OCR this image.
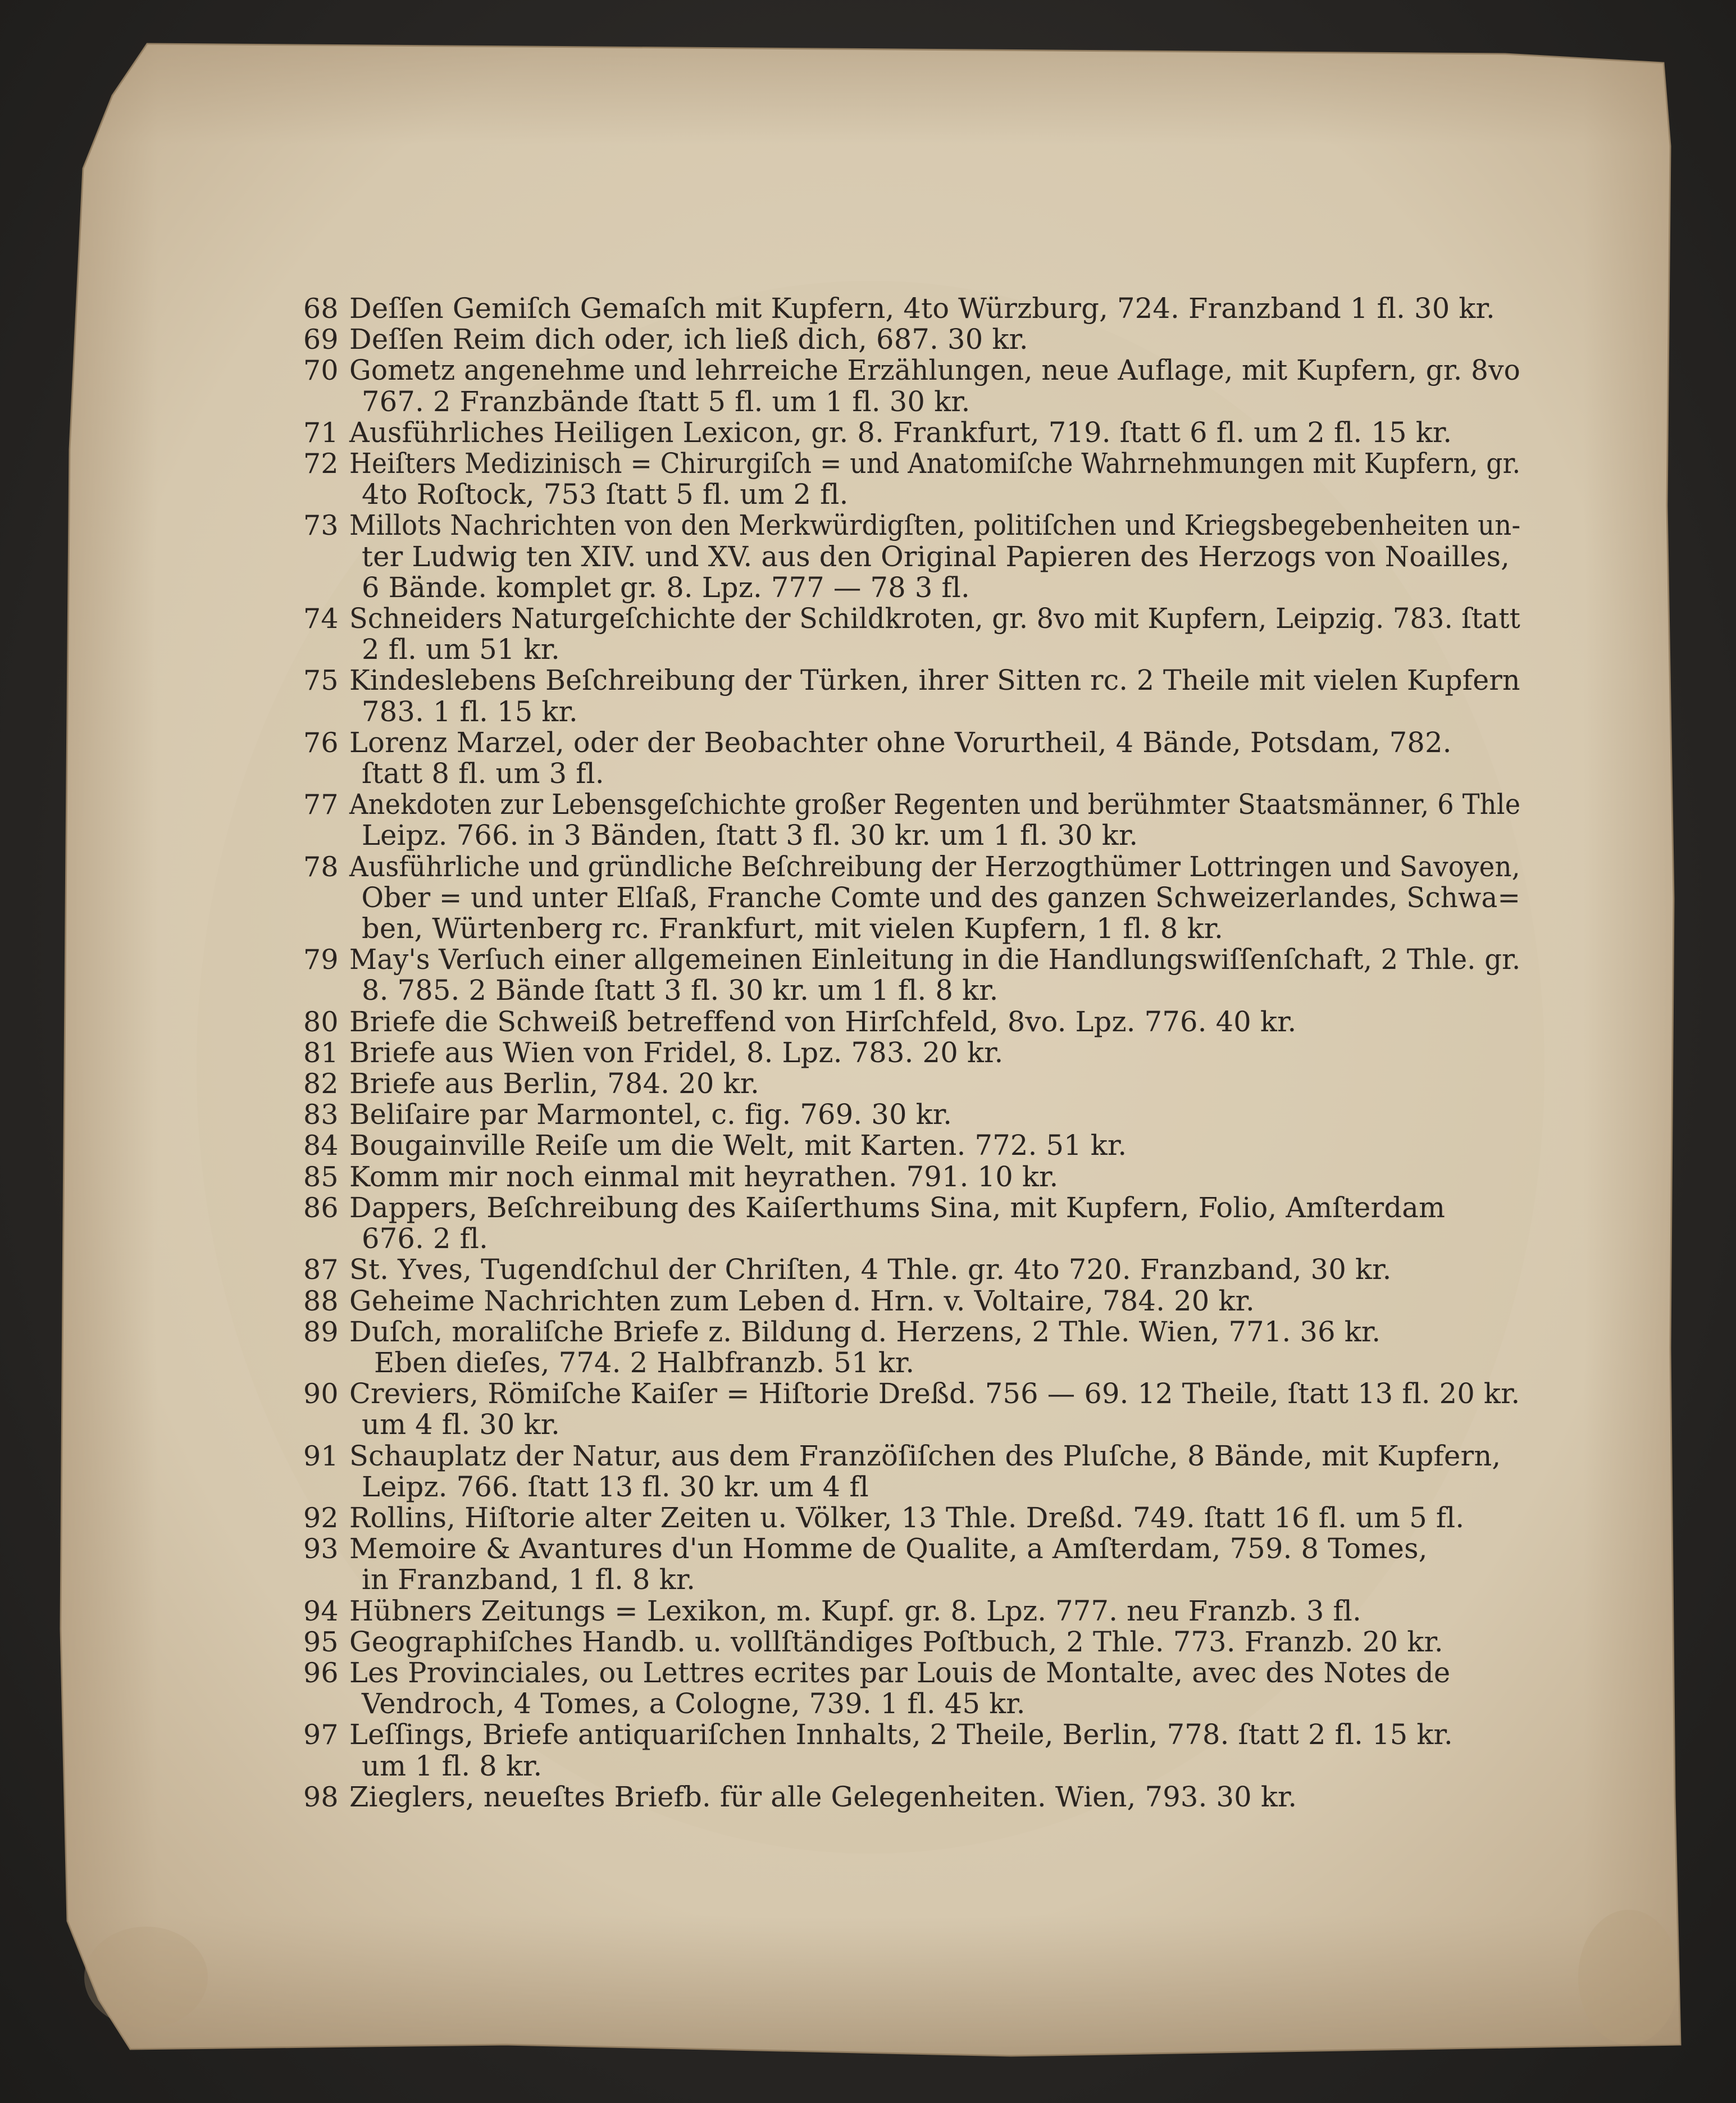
68 Deſſen Gemiſch Gemaſch mit Kupfern, 4to Würzburg, 724. Franzband 1 fl. 30 kr.
69 Deſſen Reim dich oder, ich ließ dich, 687. 30 kr.
70 Gometz angenehme und lehrreiche Erzählungen, neue Auflage, mit Kupfern, gr. 8vo
767. 2 Franzbände ſtatt 5 fl. um 1 fl. 30 kr.
71 Ausführliches Heiligen Lexicon, gr. 8. Frankfurt, 719. ſtatt 6 fl. um 2 fl. 15 kr.
72 Heiſters Medizinisch = Chirurgiſch = und Anatomiſche Wahrnehmungen mit Kupfern, gr.
4to Roſtock, 753 ſtatt 5 fl. um 2 fl.
73 Millots Nachrichten von den Merkwürdigſten, politiſchen und Kriegsbegebenheiten un-
ter Ludwig ten XIV. und XV. aus den Original Papieren des Herzogs von Noailles,
6 Bände. komplet gr. 8. Lpz. 777 — 78 3 fl.
74 Schneiders Naturgeſchichte der Schildkroten, gr. 8vo mit Kupfern, Leipzig. 783. ſtatt
2 fl. um 51 kr.
75 Kindeslebens Beſchreibung der Türken, ihrer Sitten rc. 2 Theile mit vielen Kupfern
783. 1 fl. 15 kr.
76 Lorenz Marzel, oder der Beobachter ohne Vorurtheil, 4 Bände, Potsdam, 782.
ſtatt 8 fl. um 3 fl.
77 Anekdoten zur Lebensgeſchichte großer Regenten und berühmter Staatsmänner, 6 Thle
Leipz. 766. in 3 Bänden, ſtatt 3 fl. 30 kr. um 1 fl. 30 kr.
78 Ausführliche und gründliche Beſchreibung der Herzogthümer Lottringen und Savoyen,
Ober = und unter Elſaß, Franche Comte und des ganzen Schweizerlandes, Schwa=
ben, Würtenberg rc. Frankfurt, mit vielen Kupfern, 1 fl. 8 kr.
79 May's Verſuch einer allgemeinen Einleitung in die Handlungswiſſenſchaft, 2 Thle. gr.
8. 785. 2 Bände ſtatt 3 fl. 30 kr. um 1 fl. 8 kr.
80 Briefe die Schweiß betreffend von Hirſchfeld, 8vo. Lpz. 776. 40 kr.
81 Briefe aus Wien von Fridel, 8. Lpz. 783. 20 kr.
82 Briefe aus Berlin, 784. 20 kr.
83 Beliſaire par Marmontel, c. fig. 769. 30 kr.
84 Bougainville Reiſe um die Welt, mit Karten. 772. 51 kr.
85 Komm mir noch einmal mit heyrathen. 791. 10 kr.
86 Dappers, Beſchreibung des Kaiſerthums Sina, mit Kupfern, Folio, Amſterdam
676. 2 fl.
87 St. Yves, Tugendſchul der Chriſten, 4 Thle. gr. 4to 720. Franzband, 30 kr.
88 Geheime Nachrichten zum Leben d. Hrn. v. Voltaire, 784. 20 kr.
89 Duſch, moraliſche Briefe z. Bildung d. Herzens, 2 Thle. Wien, 771. 36 kr.
Eben dieſes, 774. 2 Halbfranzb. 51 kr.
90 Creviers, Römiſche Kaiſer = Hiſtorie Dreßd. 756 — 69. 12 Theile, ſtatt 13 fl. 20 kr.
um 4 fl. 30 kr.
91 Schauplatz der Natur, aus dem Franzöſiſchen des Pluſche, 8 Bände, mit Kupfern,
Leipz. 766. ſtatt 13 fl. 30 kr. um 4 fl
92 Rollins, Hiſtorie alter Zeiten u. Völker, 13 Thle. Dreßd. 749. ſtatt 16 fl. um 5 fl.
93 Memoire & Avantures d'un Homme de Qualite, a Amſterdam, 759. 8 Tomes,
in Franzband, 1 fl. 8 kr.
94 Hübners Zeitungs = Lexikon, m. Kupf. gr. 8. Lpz. 777. neu Franzb. 3 fl.
95 Geographiſches Handb. u. vollſtändiges Poſtbuch, 2 Thle. 773. Franzb. 20 kr.
96 Les Provinciales, ou Lettres ecrites par Louis de Montalte, avec des Notes de
Vendroch, 4 Tomes, a Cologne, 739. 1 fl. 45 kr.
97 Leſſings, Briefe antiquariſchen Innhalts, 2 Theile, Berlin, 778. ſtatt 2 fl. 15 kr.
um 1 fl. 8 kr.
98 Zieglers, neueſtes Briefb. für alle Gelegenheiten. Wien, 793. 30 kr.
